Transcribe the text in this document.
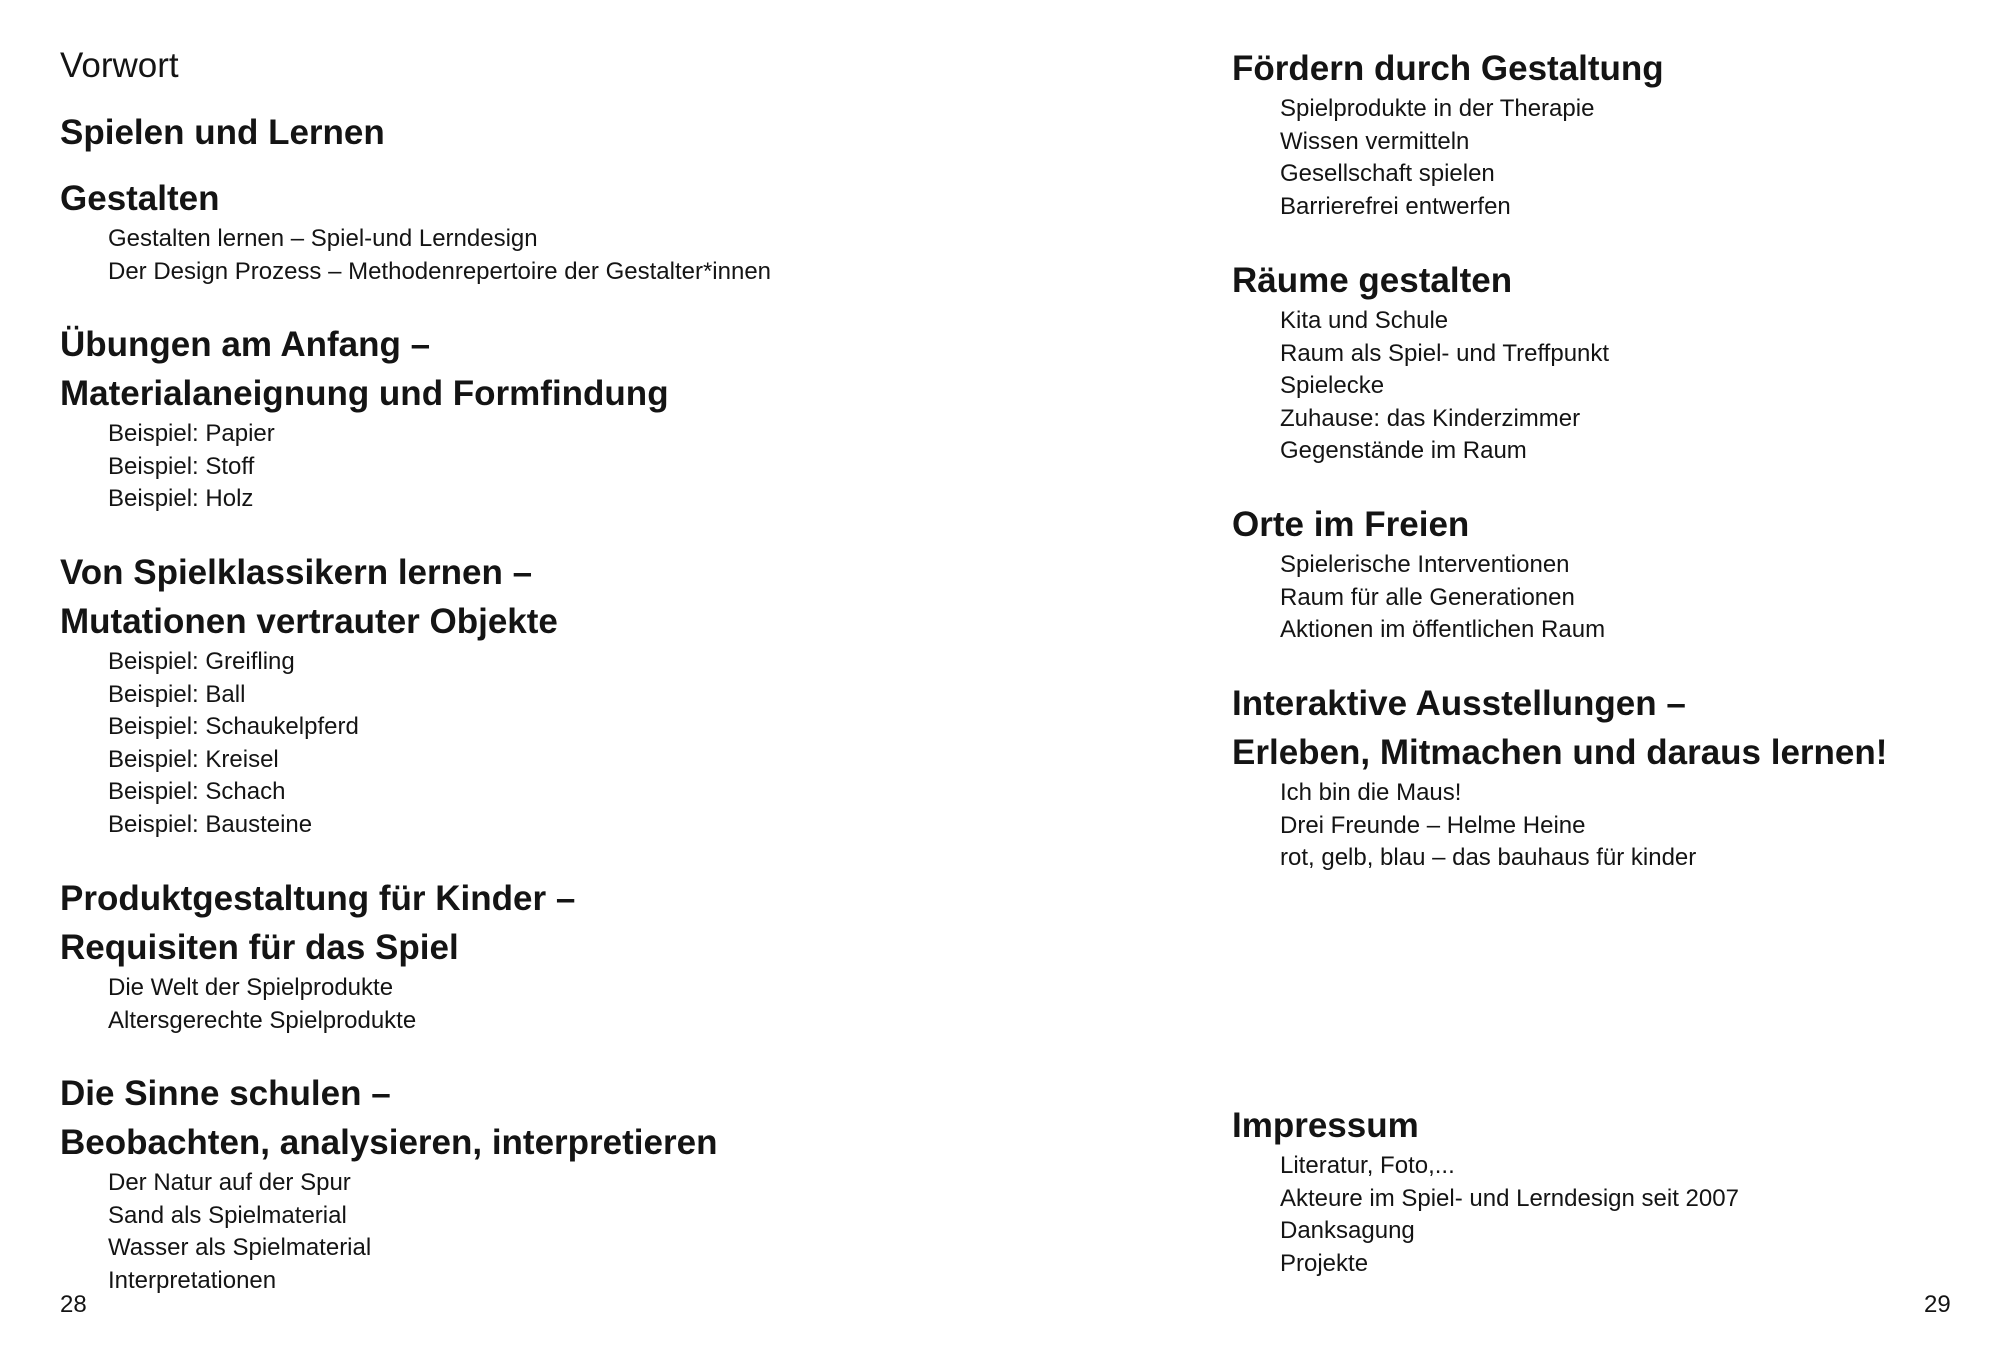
Vorwort
Spielen und Lernen
Gestalten
Gestalten lernen – Spiel-und Lerndesign
Der Design Prozess – Methodenrepertoire der Gestalter*innen
Übungen am Anfang –
Materialaneignung und Formfindung
Beispiel: Papier
Beispiel: Stoff
Beispiel: Holz
Von Spielklassikern lernen –
Mutationen vertrauter Objekte
Beispiel: Greifling
Beispiel: Ball
Beispiel: Schaukelpferd
Beispiel: Kreisel
Beispiel: Schach
Beispiel: Bausteine
Produktgestaltung für Kinder –
Requisiten für das Spiel
Die Welt der Spielprodukte
Altersgerechte Spielprodukte
Die Sinne schulen –
Beobachten, analysieren, interpretieren
Der Natur auf der Spur
Sand als Spielmaterial
Wasser als Spielmaterial
Interpretationen
28
Fördern durch Gestaltung
Spielprodukte in der Therapie
Wissen vermitteln
Gesellschaft spielen
Barrierefrei entwerfen
Räume gestalten
Kita und Schule
Raum als Spiel- und Treffpunkt
Spielecke
Zuhause: das Kinderzimmer
Gegenstände im Raum
Orte im Freien
Spielerische Interventionen
Raum für alle Generationen
Aktionen im öffentlichen Raum
Interaktive Ausstellungen –
Erleben, Mitmachen und daraus lernen!
Ich bin die Maus!
Drei Freunde – Helme Heine
rot, gelb, blau – das bauhaus für kinder
Impressum
Literatur, Foto,...
Akteure im Spiel- und Lerndesign seit 2007
Danksagung
Projekte
29
